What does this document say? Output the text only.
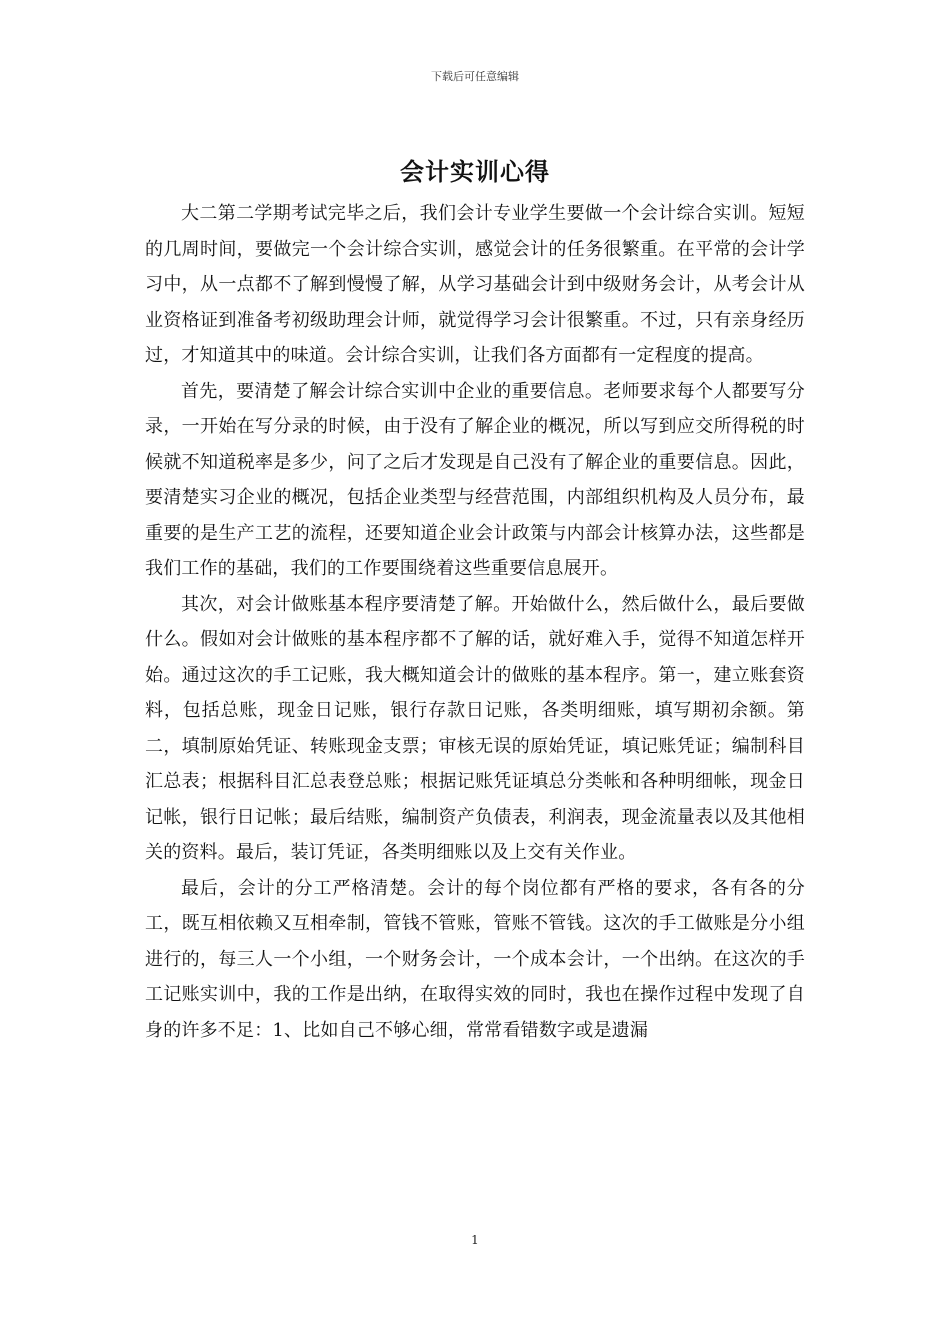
下载后可任意编辑
会计实训心得

大二第二学期考试完毕之后，我们会计专业学生要做一个会计综合实训。短短的几周时间，要做完一个会计综合实训，感觉会计的任务很繁重。在平常的会计学习中，从一点都不了解到慢慢了解，从学习基础会计到中级财务会计，从考会计从业资格证到准备考初级助理会计师，就觉得学习会计很繁重。不过，只有亲身经历过，才知道其中的味道。会计综合实训，让我们各方面都有一定程度的提高。

首先，要清楚了解会计综合实训中企业的重要信息。老师要求每个人都要写分录，一开始在写分录的时候，由于没有了解企业的概况，所以写到应交所得税的时候就不知道税率是多少，问了之后才发现是自己没有了解企业的重要信息。因此，要清楚实习企业的概况，包括企业类型与经营范围，内部组织机构及人员分布，最重要的是生产工艺的流程，还要知道企业会计政策与内部会计核算办法，这些都是我们工作的基础，我们的工作要围绕着这些重要信息展开。

其次，对会计做账基本程序要清楚了解。开始做什么，然后做什么，最后要做什么。假如对会计做账的基本程序都不了解的话，就好难入手，觉得不知道怎样开始。通过这次的手工记账，我大概知道会计的做账的基本程序。第一，建立账套资料，包括总账，现金日记账，银行存款日记账，各类明细账，填写期初余额。第二，填制原始凭证、转账现金支票；审核无误的原始凭证，填记账凭证；编制科目汇总表；根据科目汇总表登总账；根据记账凭证填总分类帐和各种明细帐，现金日记帐，银行日记帐；最后结账，编制资产负债表，利润表，现金流量表以及其他相关的资料。最后，装订凭证，各类明细账以及上交有关作业。

最后，会计的分工严格清楚。会计的每个岗位都有严格的要求，各有各的分工，既互相依赖又互相牵制，管钱不管账，管账不管钱。这次的手工做账是分小组进行的，每三人一个小组，一个财务会计，一个成本会计，一个出纳。在这次的手工记账实训中，我的工作是出纳，在取得实效的同时，我也在操作过程中发现了自身的许多不足：1、比如自己不够心细，常常看错数字或是遗漏

1
